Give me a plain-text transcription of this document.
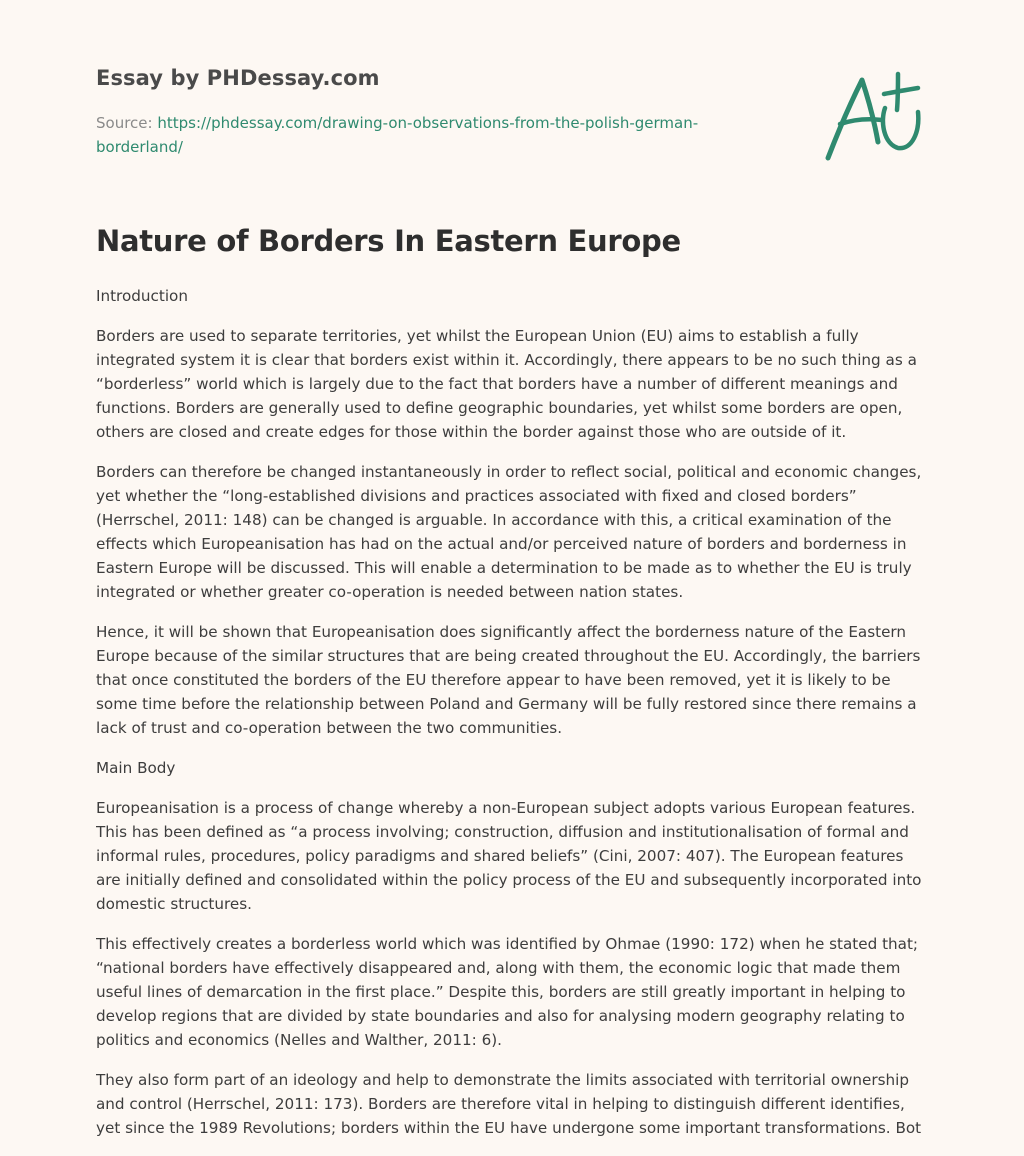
Essay by PHDessay.com
Source: https://phdessay.com/drawing-on-observations-from-the-polish-german-borderland/
Nature of Borders In Eastern Europe

Introduction

Borders are used to separate territories, yet whilst the European Union (EU) aims to establish a fully integrated system it is clear that borders exist within it. Accordingly, there appears to be no such thing as a “borderless” world which is largely due to the fact that borders have a number of different meanings and functions. Borders are generally used to define geographic boundaries, yet whilst some borders are open, others are closed and create edges for those within the border against those who are outside of it.

Borders can therefore be changed instantaneously in order to reflect social, political and economic changes, yet whether the “long-established divisions and practices associated with fixed and closed borders” (Herrschel, 2011: 148) can be changed is arguable. In accordance with this, a critical examination of the effects which Europeanisation has had on the actual and/or perceived nature of borders and borderness in Eastern Europe will be discussed. This will enable a determination to be made as to whether the EU is truly integrated or whether greater co-operation is needed between nation states.

Hence, it will be shown that Europeanisation does significantly affect the borderness nature of the Eastern Europe because of the similar structures that are being created throughout the EU. Accordingly, the barriers that once constituted the borders of the EU therefore appear to have been removed, yet it is likely to be some time before the relationship between Poland and Germany will be fully restored since there remains a lack of trust and co-operation between the two communities.

Main Body

Europeanisation is a process of change whereby a non-European subject adopts various European features. This has been defined as “a process involving; construction, diffusion and institutionalisation of formal and informal rules, procedures, policy paradigms and shared beliefs” (Cini, 2007: 407). The European features are initially defined and consolidated within the policy process of the EU and subsequently incorporated into domestic structures.

This effectively creates a borderless world which was identified by Ohmae (1990: 172) when he stated that; “national borders have effectively disappeared and, along with them, the economic logic that made them useful lines of demarcation in the first place.” Despite this, borders are still greatly important in helping to develop regions that are divided by state boundaries and also for analysing modern geography relating to politics and economics (Nelles and Walther, 2011: 6).

They also form part of an ideology and help to demonstrate the limits associated with territorial ownership and control (Herrschel, 2011: 173). Borders are therefore vital in helping to distinguish different identifies, yet since the 1989 Revolutions; borders within the EU have undergone some important transformations. Bot
